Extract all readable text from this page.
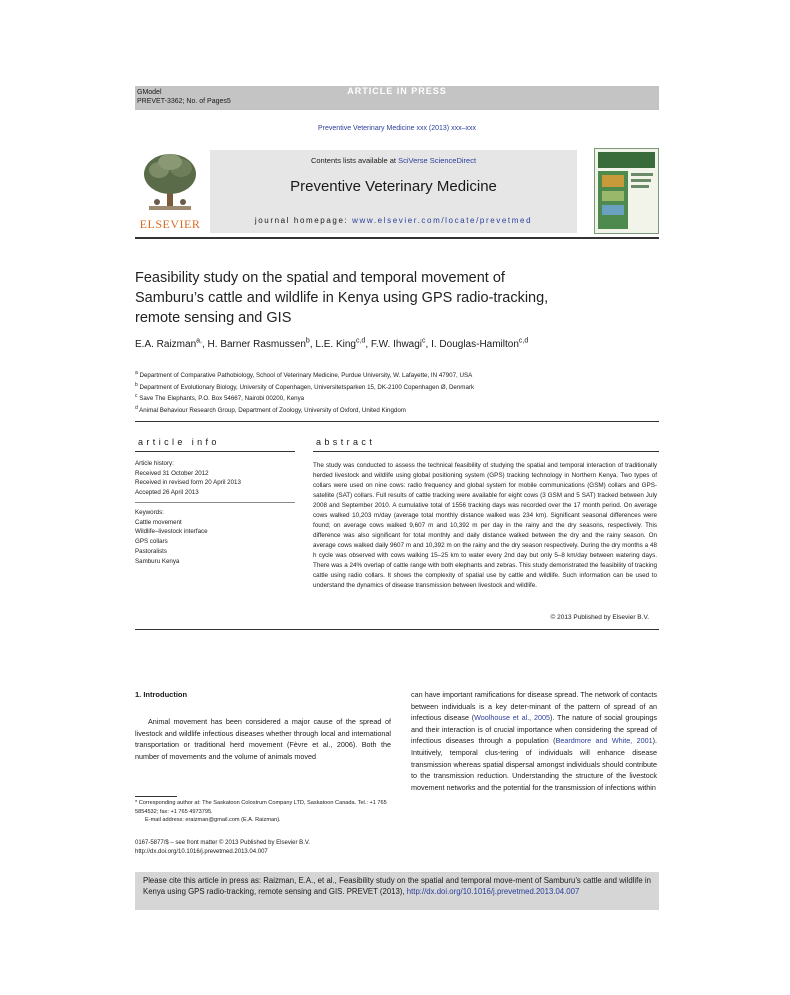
GModel
PREVET-3362; No. of Pages5
ARTICLE IN PRESS
Preventive Veterinary Medicine xxx (2013) xxx–xxx
ELSEVIER
Contents lists available at SciVerse ScienceDirect
Preventive Veterinary Medicine
journal homepage: www.elsevier.com/locate/prevetmed
Feasibility study on the spatial and temporal movement of Samburu’s cattle and wildlife in Kenya using GPS radio-tracking, remote sensing and GIS
E.A. Raizman$^{a,}$, H. Barner Rasmussen$^b$, L.E. King$^{c,d}$, F.W. Ihwagi$^c$, I. Douglas-Hamilton$^{c,d}$
$^a$ Department of Comparative Pathobiology, School of Veterinary Medicine, Purdue University, W. Lafayette, IN 47907, USA
$^b$ Department of Evolutionary Biology, University of Copenhagen, Universitetsparken 15, DK-2100 Copenhagen Ø, Denmark
$^c$ Save The Elephants, P.O. Box 54667, Nairobi 00200, Kenya
$^d$ Animal Behaviour Research Group, Department of Zoology, University of Oxford, United Kingdom
article info
Article history:
Received 31 October 2012
Received in revised form 20 April 2013
Accepted 26 April 2013
Keywords:
Cattle movement
Wildlife–livestock interface
GPS collars
Pastoralists
Samburu Kenya
abstract
The study was conducted to assess the technical feasibility of studying the spatial and temporal interaction of traditionally herded livestock and wildlife using global positioning system (GPS) tracking technology in Northern Kenya. Two types of collars were used on nine cows: radio frequency and global system for mobile communications (GSM) collars and GPS-satellite (SAT) collars. Full results of cattle tracking were available for eight cows (3 GSM and 5 SAT) tracked between July 2008 and September 2010. A cumulative total of 1556 tracking days was recorded over the 17 month period. On average cows walked 10,203 m/day (average total monthly distance walked was 234 km). Significant seasonal differences were found; on average cows walked 9,607 m and 10,392 m per day in the rainy and the dry seasons, respectively. This difference was also significant for total monthly and daily distance walked between the dry and the rainy season. On average cows walked daily 9607 m and 10,392 m on the rainy and the dry season respectively. During the dry months a 48 h cycle was observed with cows walking 15–25 km to water every 2nd day but only 5–8 km/day between watering days. There was a 24% overlap of cattle range with both elephants and zebras. This study demonstrated the feasibility of tracking cattle using radio collars. It shows the complexity of spatial use by cattle and wildlife. Such information can be used to understand the dynamics of disease transmission between livestock and wildlife.
© 2013 Published by Elsevier B.V.
1. Introduction
Animal movement has been considered a major cause of the spread of livestock and wildlife infectious diseases whether through local and international transportation or traditional herd movement (Fèvre et al., 2006). Both the number of movements and the volume of animals moved
can have important ramifications for disease spread. The network of contacts between individuals is a key deter-minant of the pattern of spread of an infectious disease (Woolhouse et al., 2005). The nature of social groupings and their interaction is of crucial importance when considering the spread of infectious diseases through a population (Beardmore and White, 2001). Intuitively, temporal clus-tering of individuals will enhance disease transmission whereas spatial dispersal amongst individuals should contribute to the transmission reduction. Understanding the structure of the livestock movement networks and the potential for the transmission of infections within
* Corresponding author at: The Saskatoon Colostrum Company LTD, Saskatoon Canada. Tel.: +1 765 5854532; fax: +1 765 4973795.
E-mail address: eraizman@gmail.com (E.A. Raizman).
0167-5877/$ – see front matter © 2013 Published by Elsevier B.V.
http://dx.doi.org/10.1016/j.prevetmed.2013.04.007
Please cite this article in press as: Raizman, E.A., et al., Feasibility study on the spatial and temporal move-ment of Samburu’s cattle and wildlife in Kenya using GPS radio-tracking, remote sensing and GIS. PREVET (2013), http://dx.doi.org/10.1016/j.prevetmed.2013.04.007
